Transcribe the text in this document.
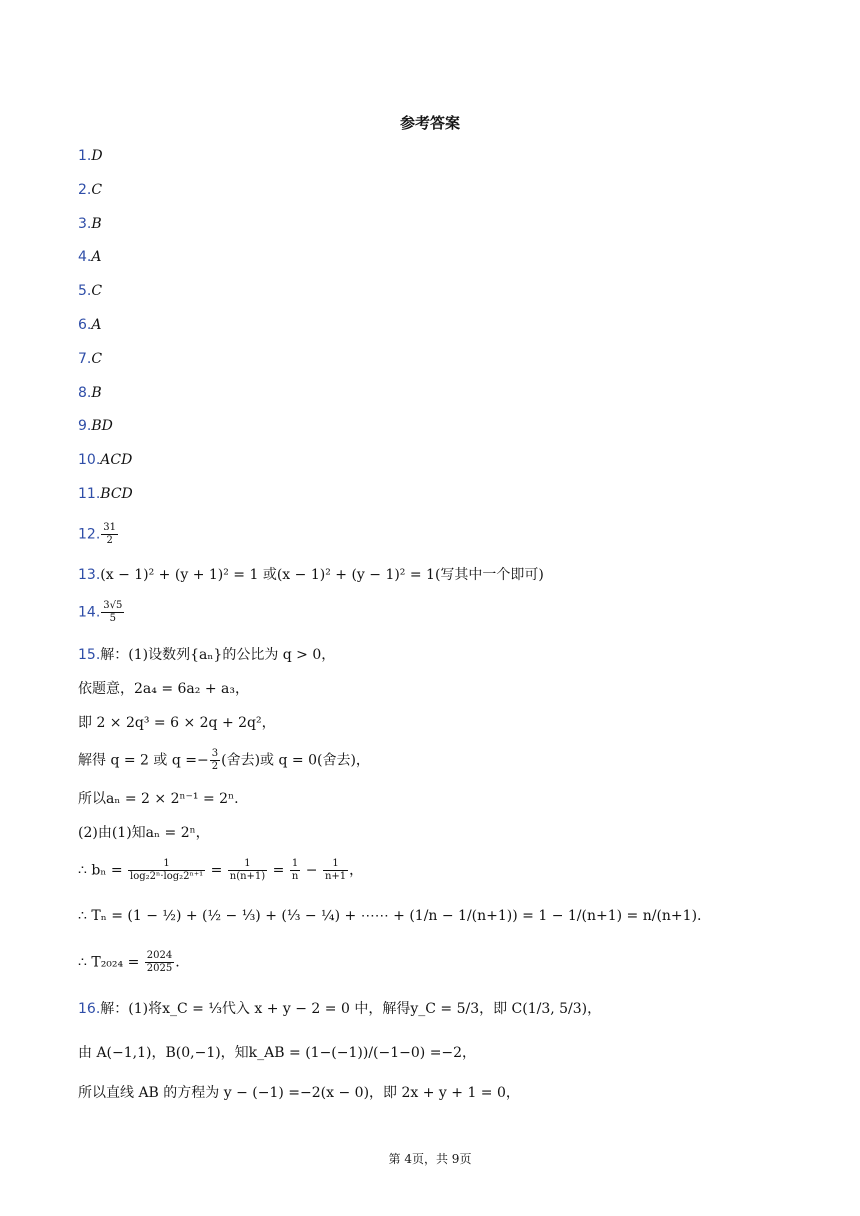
参考答案
1.D
2.C
3.B
4.A
5.C
6.A
7.C
8.B
9.BD
10.ACD
11.BCD
12. $\frac{31}{2}$
13.(x − 1)² + (y + 1)² = 1 或(x − 1)² + (y − 1)² = 1(写其中一个即可)
14. $\frac{3√5}{5}$
15.解：(1)设数列{aₙ}的公比为 q > 0，
依题意，2a₄ = 6a₂ + a₃，
即 2 × 2q³ = 6 × 2q + 2q²，
解得 q = 2 或 $q =- \frac{3}{2}$ (舍去)或 q = 0(舍去)，
所以aₙ = 2 × 2ⁿ⁻¹ = 2ⁿ.
(2)由(1)知aₙ = 2ⁿ，
∴ $b_n = \frac{1}{\text{log₂2ⁿ·log₂2ⁿ⁺¹}} = \frac{1}{n(n+1)} = \frac{1}{n} - \frac{1}{n+1}$ ，
∴ Tₙ = (1 − ½) + (½ − ⅓) + (⅓ − ¼) + ⋯⋯ + (1/n − 1/(n+1)) = 1 − 1/(n+1) = n/(n+1).
∴ $T_{2024} = \frac{2024}{2025}$ .
16.解：(1)将x_C = ⅓代入 x + y − 2 = 0 中，解得y_C = 5/3，即 C(1/3, 5/3)，
由 A(−1,1)，B(0,−1)，知k_AB = (1−(−1))/(−1−0) =−2，
所以直线 AB 的方程为 y − (−1) =−2(x − 0)，即 2x + y + 1 = 0，
第 4页，共 9页
